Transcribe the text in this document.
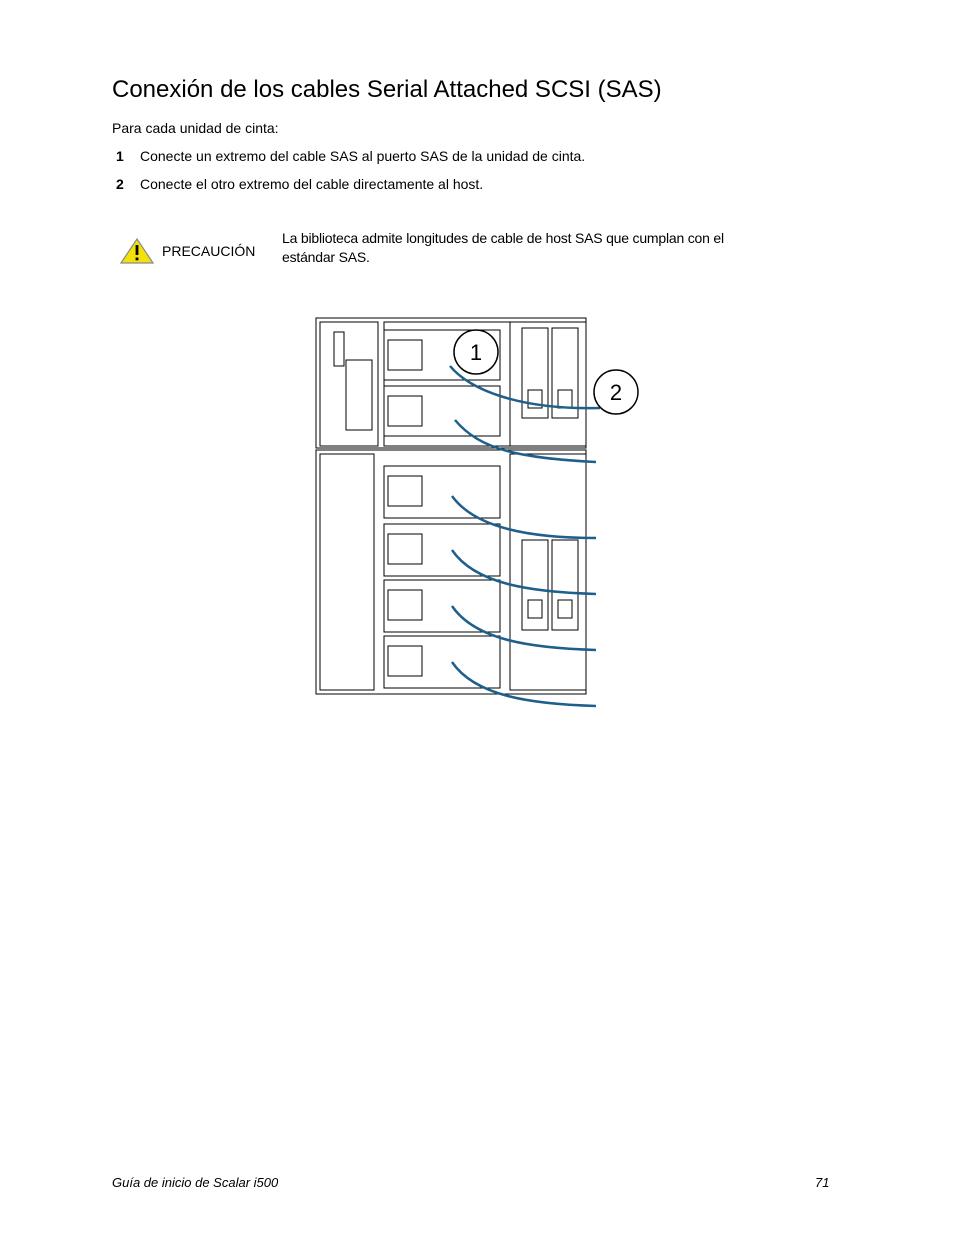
Conexión de los cables Serial Attached SCSI (SAS)
Para cada unidad de cinta:
1 Conecte un extremo del cable SAS al puerto SAS de la unidad de cinta.
2 Conecte el otro extremo del cable directamente al host.
PRECAUCIÓN
La biblioteca admite longitudes de cable de host SAS que cumplan con el estándar SAS.
1
2
Guía de inicio de Scalar i500	71
